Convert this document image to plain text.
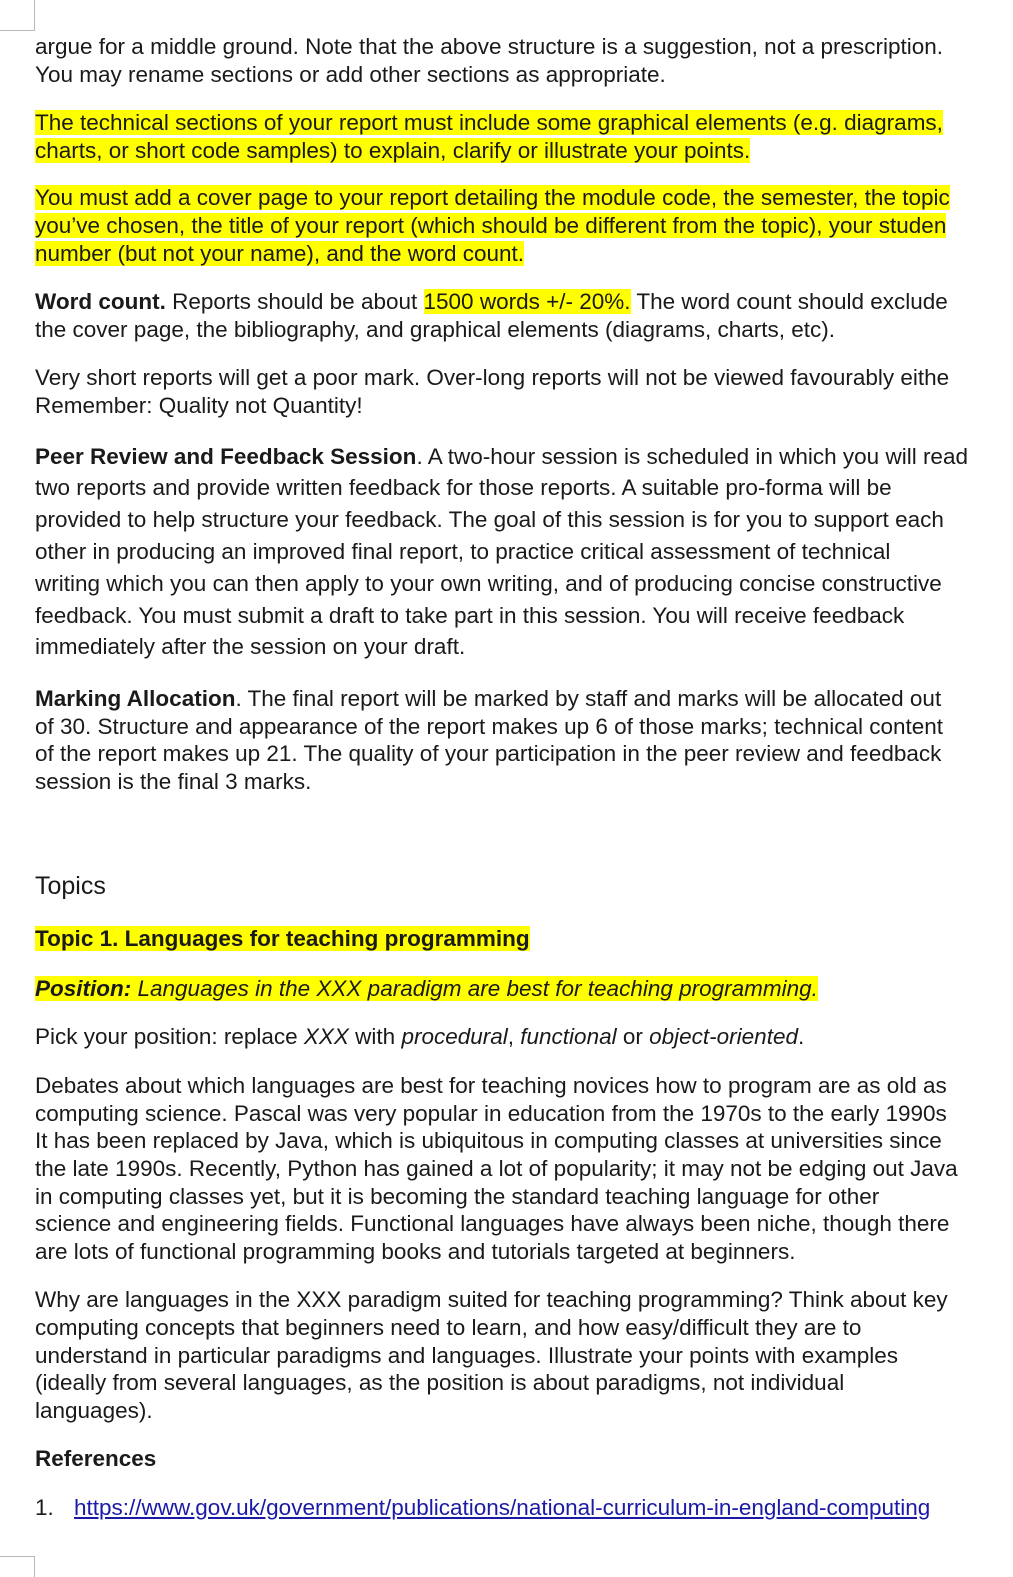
argue for a middle ground. Note that the above structure is a suggestion, not a prescription.
You may rename sections or add other sections as appropriate.

The technical sections of your report must include some graphical elements (e.g. diagrams,
charts, or short code samples) to explain, clarify or illustrate your points.

You must add a cover page to your report detailing the module code, the semester, the topic
you’ve chosen, the title of your report (which should be different from the topic), your studen
number (but not your name), and the word count.

Word count. Reports should be about 1500 words +/- 20%. The word count should exclude
the cover page, the bibliography, and graphical elements (diagrams, charts, etc).

Very short reports will get a poor mark. Over-long reports will not be viewed favourably eithe
Remember: Quality not Quantity!

Peer Review and Feedback Session. A two-hour session is scheduled in which you will read
two reports and provide written feedback for those reports. A suitable pro-forma will be
provided to help structure your feedback. The goal of this session is for you to support each
other in producing an improved final report, to practice critical assessment of technical
writing which you can then apply to your own writing, and of producing concise constructive
feedback. You must submit a draft to take part in this session. You will receive feedback
immediately after the session on your draft.

Marking Allocation. The final report will be marked by staff and marks will be allocated out
of 30. Structure and appearance of the report makes up 6 of those marks; technical content
of the report makes up 21. The quality of your participation in the peer review and feedback
session is the final 3 marks.

Topics

Topic 1. Languages for teaching programming

Position: Languages in the XXX paradigm are best for teaching programming.

Pick your position: replace XXX with procedural, functional or object-oriented.

Debates about which languages are best for teaching novices how to program are as old as
computing science. Pascal was very popular in education from the 1970s to the early 1990s
It has been replaced by Java, which is ubiquitous in computing classes at universities since
the late 1990s. Recently, Python has gained a lot of popularity; it may not be edging out Java
in computing classes yet, but it is becoming the standard teaching language for other
science and engineering fields. Functional languages have always been niche, though there
are lots of functional programming books and tutorials targeted at beginners.

Why are languages in the XXX paradigm suited for teaching programming? Think about key
computing concepts that beginners need to learn, and how easy/difficult they are to
understand in particular paradigms and languages. Illustrate your points with examples
(ideally from several languages, as the position is about paradigms, not individual
languages).

References

1. https://www.gov.uk/government/publications/national-curriculum-in-england-computing
